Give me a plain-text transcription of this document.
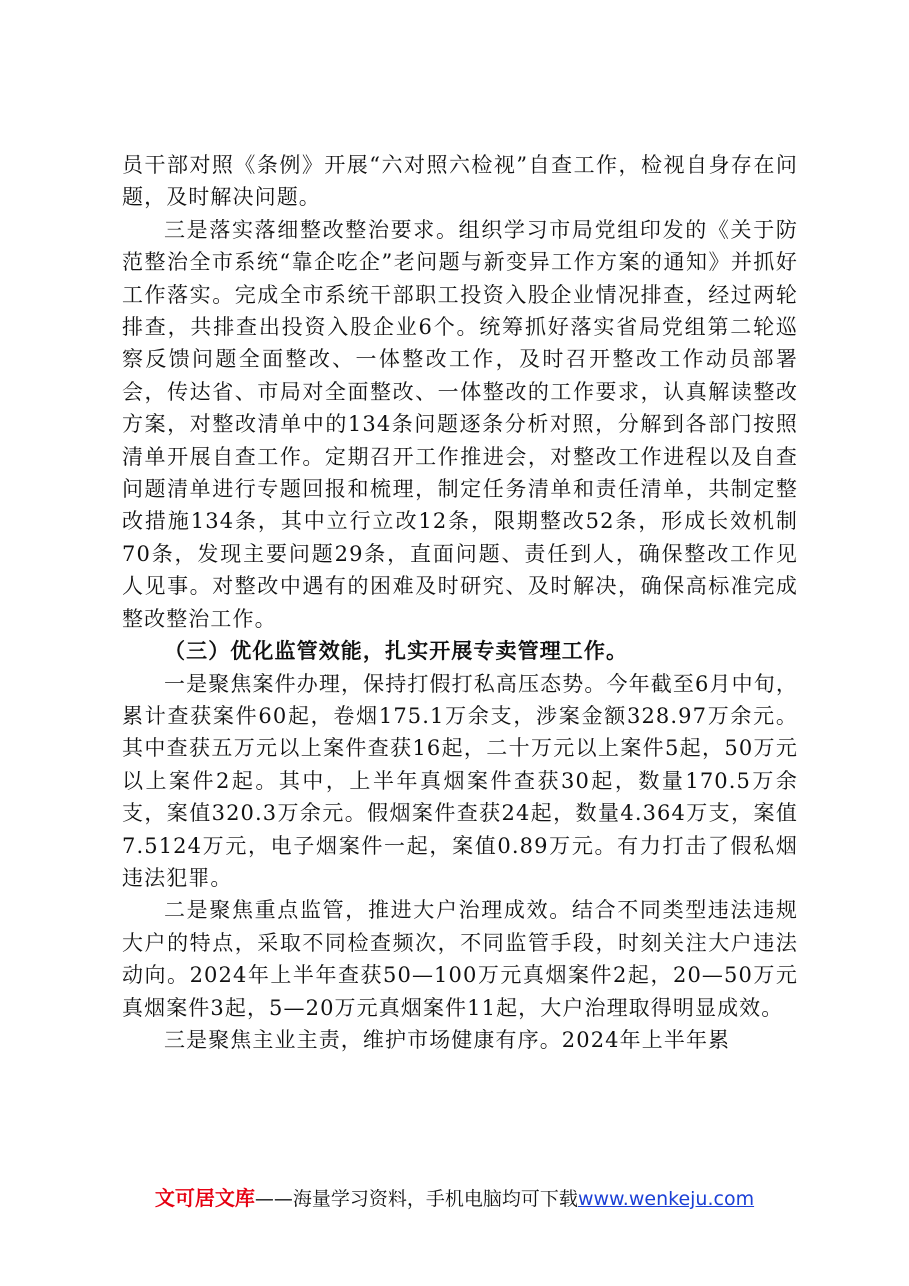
员干部对照《条例》开展“六对照六检视”自查工作，检视自身存在问题，及时解决问题。

三是落实落细整改整治要求。组织学习市局党组印发的《关于防范整治全市系统“靠企吃企”老问题与新变异工作方案的通知》并抓好工作落实。完成全市系统干部职工投资入股企业情况排查，经过两轮排查，共排查出投资入股企业6个。统筹抓好落实省局党组第二轮巡察反馈问题全面整改、一体整改工作，及时召开整改工作动员部署会，传达省、市局对全面整改、一体整改的工作要求，认真解读整改方案，对整改清单中的134条问题逐条分析对照，分解到各部门按照清单开展自查工作。定期召开工作推进会，对整改工作进程以及自查问题清单进行专题回报和梳理，制定任务清单和责任清单，共制定整改措施134条，其中立行立改12条，限期整改52条，形成长效机制70条，发现主要问题29条，直面问题、责任到人，确保整改工作见人见事。对整改中遇有的困难及时研究、及时解决，确保高标准完成整改整治工作。

（三）优化监管效能，扎实开展专卖管理工作。

一是聚焦案件办理，保持打假打私高压态势。今年截至6月中旬，累计查获案件60起，卷烟175.1万余支，涉案金额328.97万余元。其中查获五万元以上案件查获16起，二十万元以上案件5起，50万元以上案件2起。其中，上半年真烟案件查获30起，数量170.5万余支，案值320.3万余元。假烟案件查获24起，数量4.364万支，案值7.5124万元，电子烟案件一起，案值0.89万元。有力打击了假私烟违法犯罪。

二是聚焦重点监管，推进大户治理成效。结合不同类型违法违规大户的特点，采取不同检查频次，不同监管手段，时刻关注大户违法动向。2024年上半年查获50—100万元真烟案件2起，20—50万元真烟案件3起，5—20万元真烟案件11起，大户治理取得明显成效。

三是聚焦主业主责，维护市场健康有序。2024年上半年累

文可居文库——海量学习资料，手机电脑均可下载www.wenkeju.com
